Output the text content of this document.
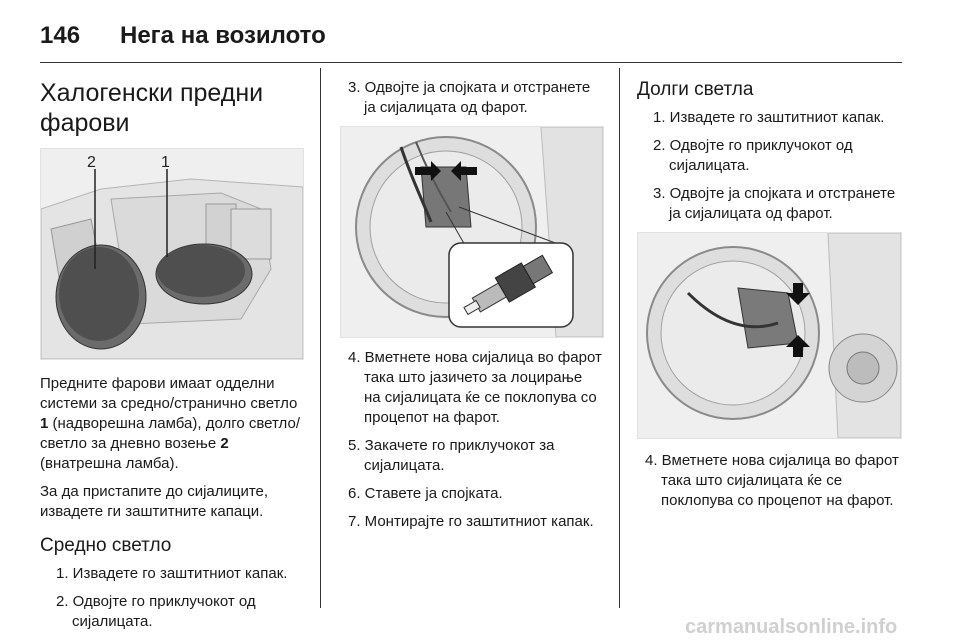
146 Нега на возилото
Халогенски предни фарови
2	1

Предните фарови имаат одделни системи за средно/странично светло 1 (надворешна ламба), долго светло/светло за дневно возење 2 (внатрешна ламба).

За да пристапите до сијалиците, извадете ги заштитните капаци.

Средно светло
1. Извадете го заштитниот капак.
2. Одвојте го приклучокот од сијалицата.
3. Одвојте ја спојката и отстранете ја сијалицата од фарот.
4. Вметнете нова сијалица во фарот така што јазичето за лоцирање на сијалицата ќе се поклопува со процепот на фарот.
5. Закачете го приклучокот за сијалицата.
6. Ставете ја спојката.
7. Монтирајте го заштитниот капак.
Долги светла
1. Извадете го заштитниот капак.
2. Одвојте го приклучокот од сијалицата.
3. Одвојте ја спојката и отстранете ја сијалицата од фарот.
4. Вметнете нова сијалица во фарот така што сијалицата ќе се поклопува со процепот на фарот.
carmanualsonline.info
